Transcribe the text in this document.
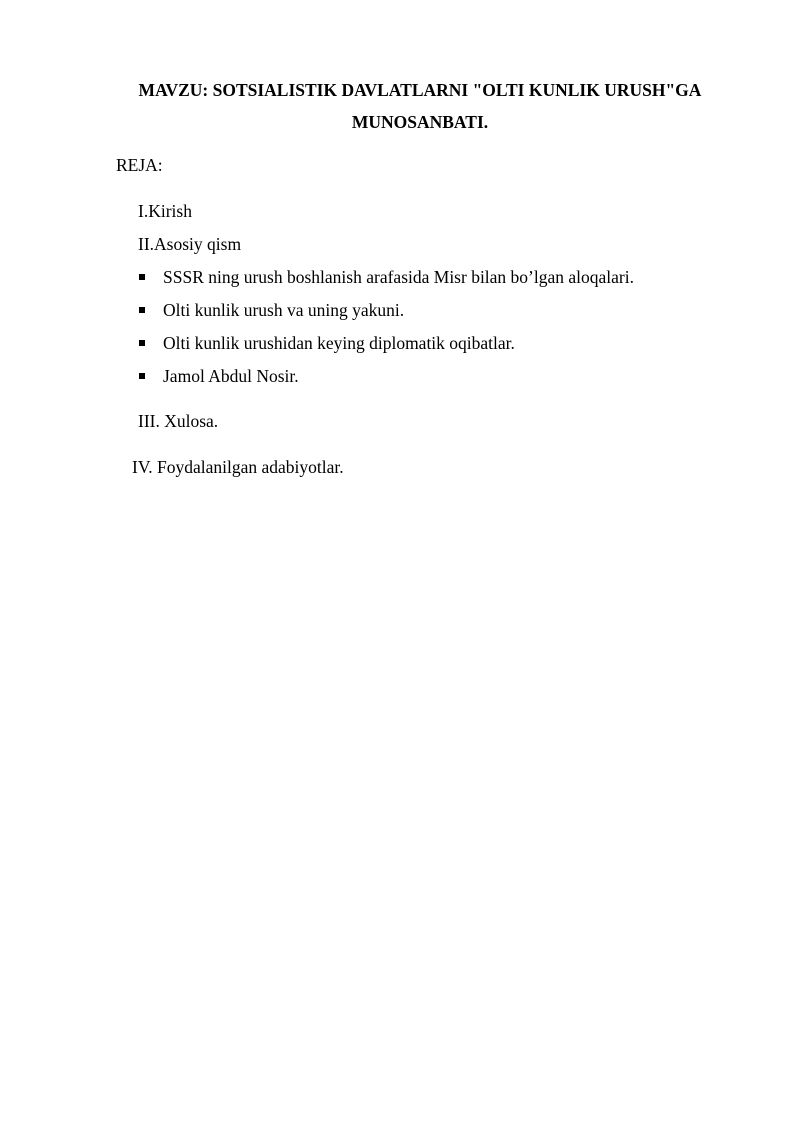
MAVZU: SOTSIALISTIK DAVLATLARNI "OLTI KUNLIK URUSH"GA
MUNOSANBATI.
REJA:
I.Kirish
II.Asosiy qism
SSSR ning urush boshlanish arafasida Misr bilan bo’lgan aloqalari.
Olti kunlik urush va uning yakuni.
Olti kunlik urushidan keying diplomatik oqibatlar.
Jamol Abdul Nosir.
III. Xulosa.
IV. Foydalanilgan adabiyotlar.
